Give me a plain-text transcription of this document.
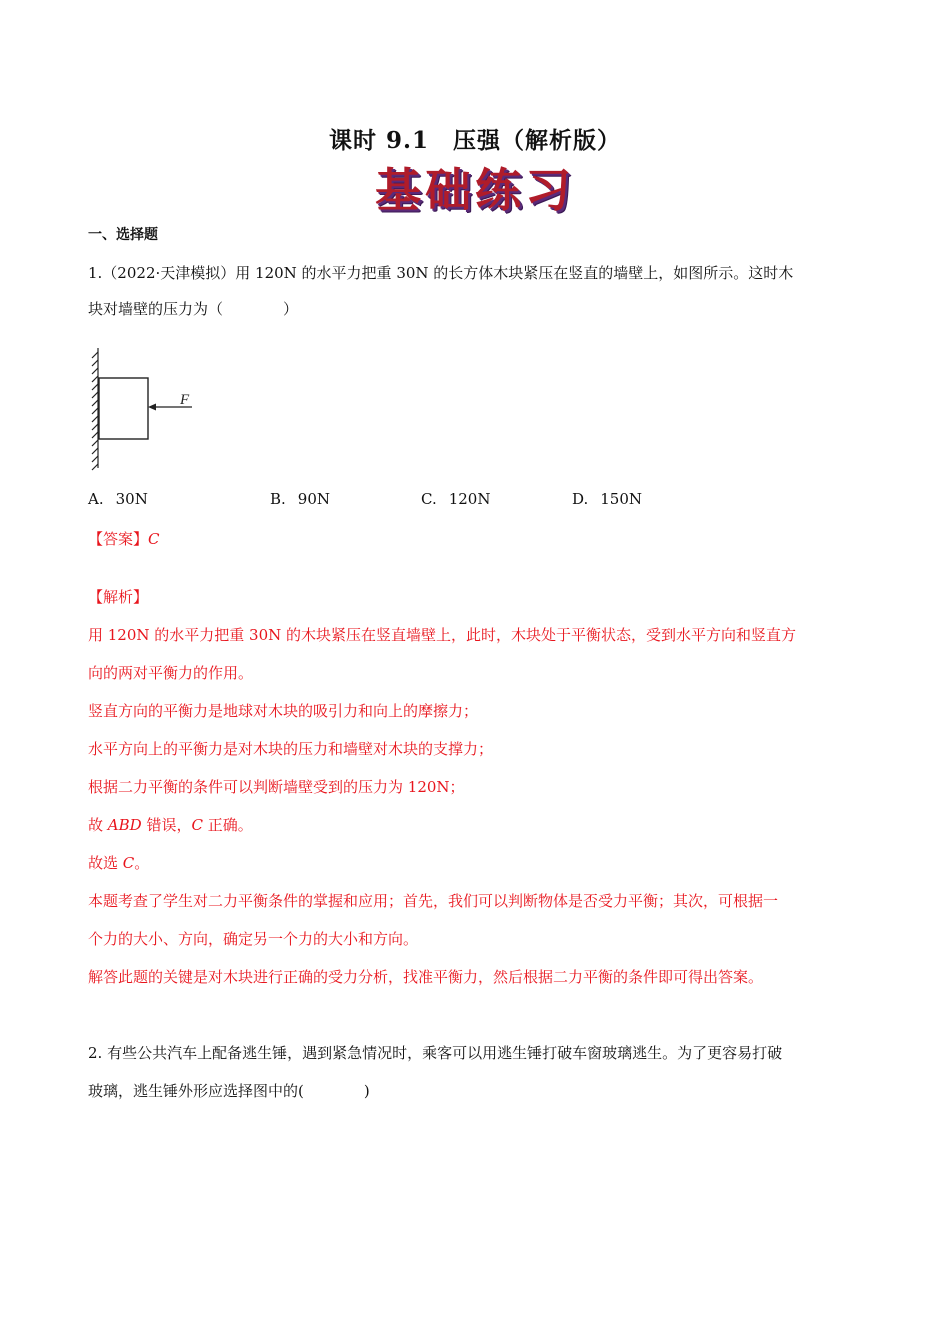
课时 9.1　压强（解析版）
基础练习
一、选择题
1.（2022·天津模拟）用 120N 的水平力把重 30N 的长方体木块紧压在竖直的墙壁上，如图所示。这时木
块对墙壁的压力为（　　　　）
F
A. 30N	B. 90N	C. 120N	D. 150N
【答案】C
【解析】
用 120N 的水平力把重 30N 的木块紧压在竖直墙壁上，此时，木块处于平衡状态，受到水平方向和竖直方
向的两对平衡力的作用。
竖直方向的平衡力是地球对木块的吸引力和向上的摩擦力；
水平方向上的平衡力是对木块的压力和墙壁对木块的支撑力；
根据二力平衡的条件可以判断墙壁受到的压力为 120N；
故 ABD 错误，C 正确。
故选 C。
本题考查了学生对二力平衡条件的掌握和应用；首先，我们可以判断物体是否受力平衡；其次，可根据一
个力的大小、方向，确定另一个力的大小和方向。
解答此题的关键是对木块进行正确的受力分析，找准平衡力，然后根据二力平衡的条件即可得出答案。
2. 有些公共汽车上配备逃生锤，遇到紧急情况时，乘客可以用逃生锤打破车窗玻璃逃生。为了更容易打破
玻璃，逃生锤外形应选择图中的(　　　　)
